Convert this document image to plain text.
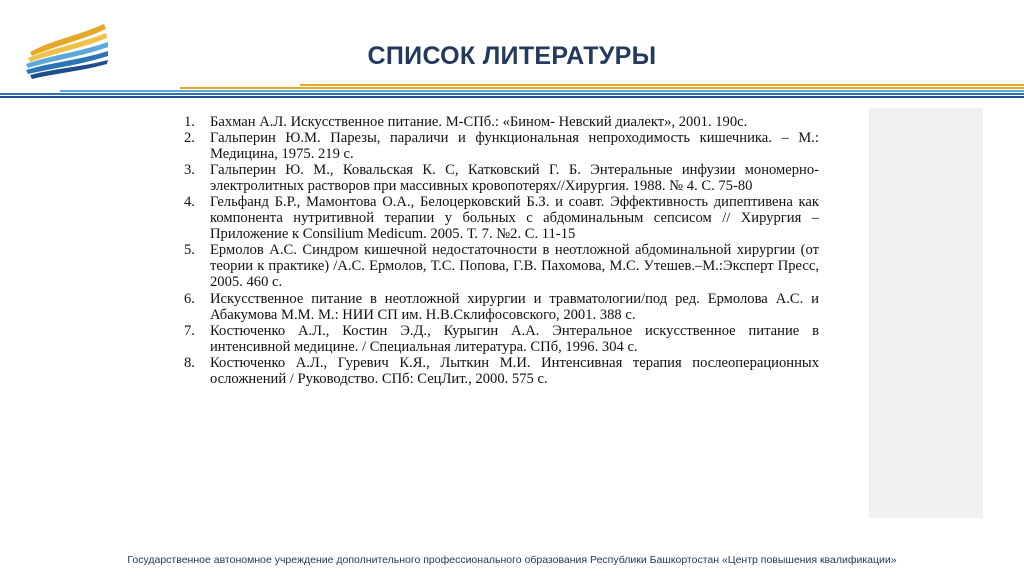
СПИСОК ЛИТЕРАТУРЫ
1. Бахман А.Л. Искусственное питание. М-СПб.: «Бином- Невский диалект», 2001. 190с.
2. Гальперин Ю.М. Парезы, параличи и функциональная непроходимость кишечника. – М.: Медицина, 1975. 219 с.
3. Гальперин Ю. М., Ковальская К. С, Катковский Г. Б. Энтеральные инфузии мономерно-электролитных растворов при массивных кровопотерях//Хирургия. 1988. № 4. С. 75-80
4. Гельфанд Б.Р., Мамонтова О.А., Белоцерковский Б.З. и соавт. Эффективность дипептивена как компонента нутритивной терапии у больных с абдоминальным сепсисом // Хирургия – Приложение к Consilium Medicum. 2005. Т. 7. №2. С. 11-15
5. Ермолов А.С. Синдром кишечной недостаточности в неотложной абдоминальной хирургии (от теории к практике) /А.С. Ермолов, Т.С. Попова, Г.В. Пахомова, М.С. Утешев.–М.:Эксперт Пресс, 2005. 460 с.
6. Искусственное питание в неотложной хирургии и травматологии/под ред. Ермолова А.С. и Абакумова М.М. М.: НИИ СП им. Н.В.Склифосовского, 2001. 388 с.
7. Костюченко А.Л., Костин Э.Д., Курыгин А.А. Энтеральное искусственное питание в интенсивной медицине. / Специальная литература. СПб, 1996. 304 с.
8. Костюченко А.Л., Гуревич К.Я., Лыткин М.И. Интенсивная терапия послеоперационных осложнений / Руководство. СПб: СецЛит., 2000. 575 с.
Государственное автономное учреждение дополнительного профессионального образования Республики Башкортостан «Центр повышения квалификации»
